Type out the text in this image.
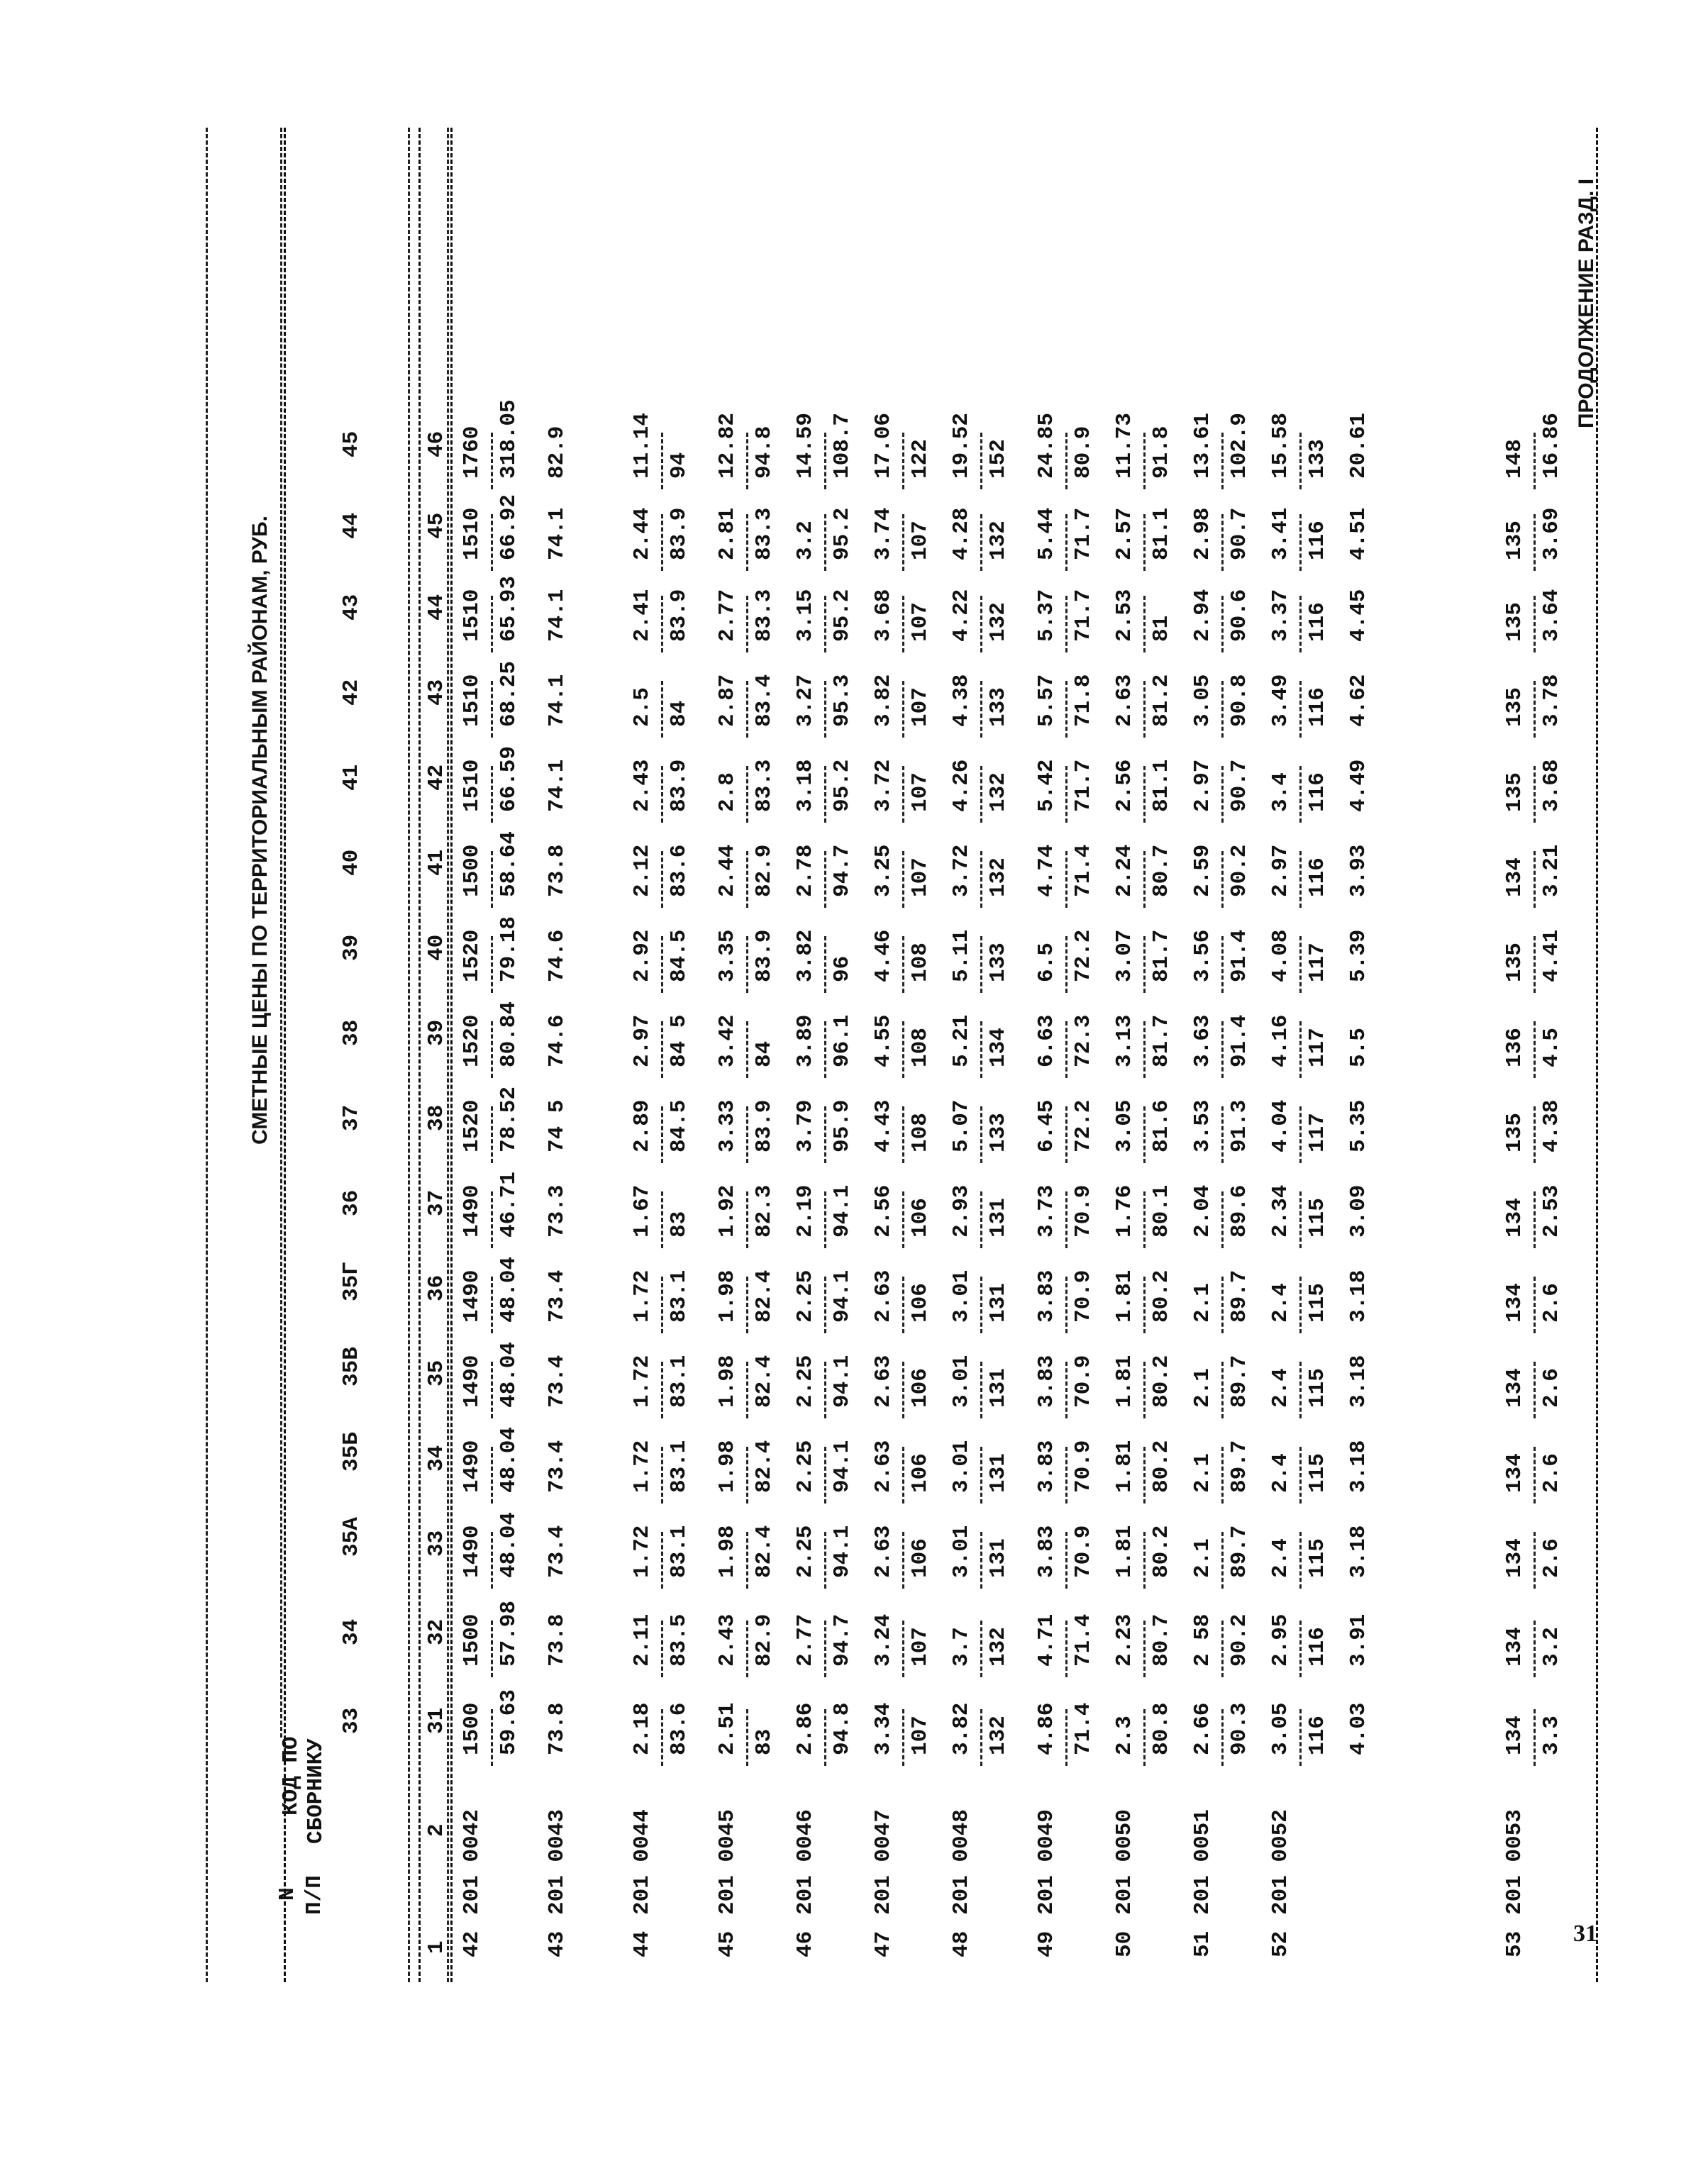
ПРОДОЛЖЕНИЕ РАЗД. I
СМЕТНЫЕ ЦЕНЫ ПО ТЕРРИТОРИАЛЬНЫМ РАЙОНАМ, РУБ.
N П/П
КОД ПО СБОРНИКУ
33
34
35А
35Б
35В
35Г
36
37
38
39
40
41
42
43
44
45
1
2
31
32
33
34
35
36
37
38
39
40
41
42
43
44
45
46
42
201 0042
1500
1500
1490
1490
1490
1490
1490
1520
1520
1520
1500
1510
1510
1510
1510
1760
59.63
57.98
48.04
48.04
48.04
48.04
46.71
78.52
80.84
79.18
58.64
66.59
68.25
65.93
66.92
318.05
43
201 0043
73.8
73.8
73.4
73.4
73.4
73.4
73.3
74 5
74.6
74.6
73.8
74.1
74.1
74.1
74.1
82.9
44
201 0044
2.18
2.11
1.72
1.72
1.72
1.72
1.67
2.89
2.97
2.92
2.12
2.43
2.5
2.41
2.44
11.14
83.6
83.5
83.1
83.1
83.1
83.1
83
84.5
84 5
84.5
83.6
83.9
84
83.9
83.9
94
45
201 0045
2.51
2.43
1.98
1.98
1.98
1.98
1.92
3.33
3.42
3.35
2.44
2.8
2.87
2.77
2.81
12.82
83
82.9
82.4
82.4
82.4
82.4
82.3
83.9
84
83.9
82.9
83.3
83.4
83.3
83.3
94.8
46
201 0046
2.86
2.77
2.25
2.25
2.25
2.25
2.19
3.79
3.89
3.82
2.78
3.18
3.27
3.15
3.2
14.59
94.8
94.7
94.1
94.1
94.1
94.1
94.1
95.9
96.1
96
94.7
95.2
95.3
95.2
95.2
108.7
47
201 0047
3.34
3.24
2.63
2.63
2.63
2.63
2.56
4.43
4.55
4.46
3.25
3.72
3.82
3.68
3.74
17.06
107
107
106
106
106
106
106
108
108
108
107
107
107
107
107
122
48
201 0048
3.82
3.7
3.01
3.01
3.01
3.01
2.93
5.07
5.21
5.11
3.72
4.26
4.38
4.22
4.28
19.52
132
132
131
131
131
131
131
133
134
133
132
132
133
132
132
152
49
201 0049
4.86
4.71
3.83
3.83
3.83
3.83
3.73
6.45
6.63
6.5
4.74
5.42
5.57
5.37
5.44
24.85
71.4
71.4
70.9
70.9
70.9
70.9
70.9
72.2
72.3
72.2
71.4
71.7
71.8
71.7
71.7
80.9
50
201 0050
2.3
2.23
1.81
1.81
1.81
1.81
1.76
3.05
3.13
3.07
2.24
2.56
2.63
2.53
2.57
11.73
80.8
80.7
80.2
80.2
80.2
80.2
80.1
81.6
81.7
81.7
80.7
81.1
81.2
81
81.1
91.8
51
201 0051
2.66
2 58
2.1
2.1
2.1
2.1
2.04
3.53
3.63
3.56
2.59
2.97
3.05
2.94
2.98
13.61
90.3
90.2
89.7
89.7
89.7
89.7
89.6
91.3
91.4
91.4
90.2
90.7
90.8
90.6
90.7
102.9
52
201 0052
3.05
2.95
2.4
2.4
2.4
2.4
2.34
4.04
4.16
4.08
2.97
3.4
3.49
3.37
3.41
15.58
116
116
115
115
115
115
115
117
117
117
116
116
116
116
116
133
4.03
3.91
3.18
3.18
3.18
3.18
3.09
5.35
5.5
5.39
3.93
4.49
4.62
4.45
4.51
20.61
53
201 0053
134
134
134
134
134
134
134
135
136
135
134
135
135
135
135
148
3.3
3.2
2.6
2.6
2.6
2.6
2.53
4.38
4.5
4.41
3.21
3.68
3.78
3.64
3.69
16.86
31
